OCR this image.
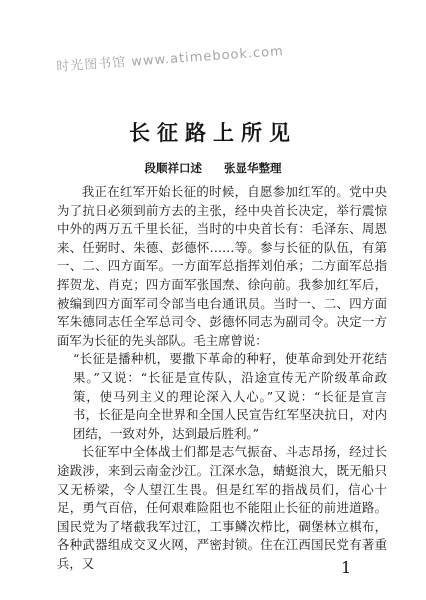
时光图书馆 www.atimebook.com
长征路上所见

段顺祥口述 张显华整理

我正在红军开始长征的时候，自愿参加红军的。党中央为了抗日必须到前方去的主张，经中央首长决定，举行震惊中外的两万五千里长征，当时的中央首长有：毛泽东、周恩来、任弼时、朱德、彭德怀……等。参与长征的队伍，有第一、二、四方面军。一方面军总指挥刘伯承；二方面军总指挥贺龙、肖克；四方面军张国焘、徐向前。我参加红军后，被编到四方面军司令部当电台通讯员。当时一、二、四方面军朱德同志任全军总司令、彭德怀同志为副司令。决定一方面军为长征的先头部队。毛主席曾说：

“长征是播种机，要撒下革命的种籽，使革命到处开花结果。”又说：“长征是宣传队，沿途宣传无产阶级革命政策，使马列主义的理论深入人心。”又说：“长征是宣言书，长征是向全世界和全国人民宣告红军坚决抗日，对内团结，一致对外，达到最后胜利。”

长征军中全体战士们都是志气振奋、斗志昂扬，经过长途跋涉，来到云南金沙江。江深水急，蜻蜓浪大，既无船只又无桥梁，令人望江生畏。但是红军的指战员们，信心十足，勇气百倍，任何艰难险阻也不能阻止长征的前进道路。国民党为了堵截我军过江，工事鳞次栉比，碉堡林立棋布，各种武器组成交叉火网，严密封锁。住在江西国民党有著重兵，又	1
